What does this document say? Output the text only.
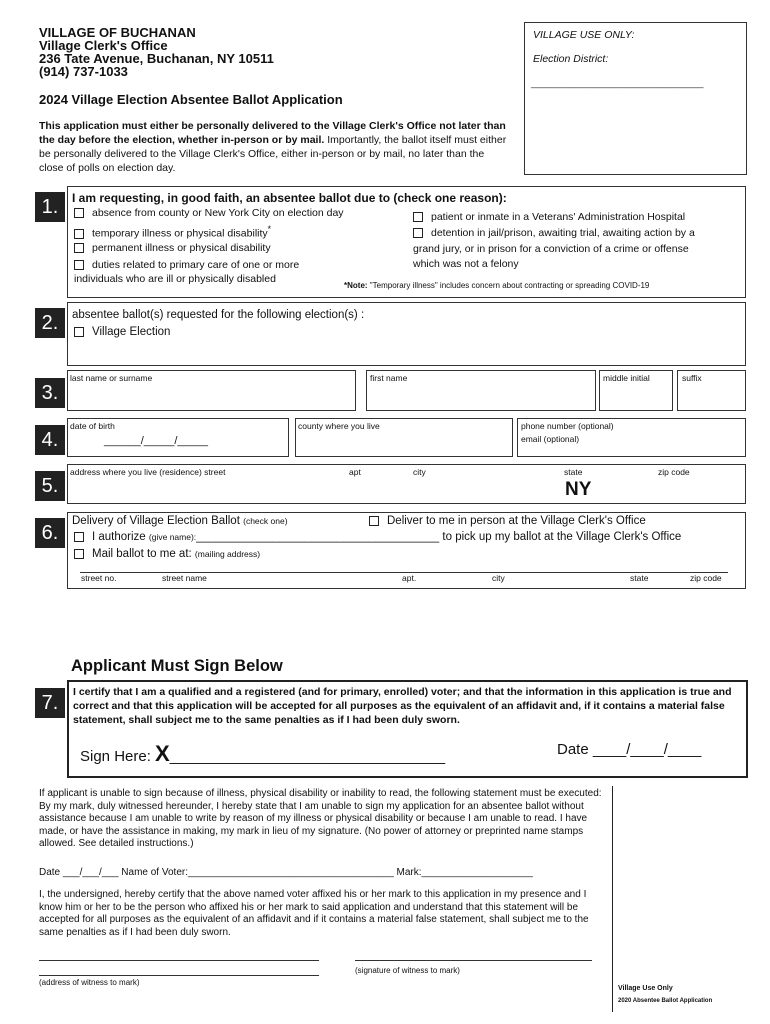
VILLAGE OF BUCHANAN
Village Clerk's Office
236 Tate Avenue, Buchanan, NY 10511
(914) 737-1033
2024 Village Election Absentee Ballot Application
This application must either be personally delivered to the Village Clerk's Office not later than the day before the election, whether in-person or by mail. Importantly, the ballot itself must either be personally delivered to the Village Clerk's Office, either in-person or by mail, no later than the close of polls on election day.
VILLAGE USE ONLY:
Election District:
_______________________________
1.	I am requesting, in good faith, an absentee ballot due to (check one reason):
absence from county or New York City on election day
temporary illness or physical disability*
permanent illness or physical disability
duties related to primary care of one or more
individuals who are ill or physically disabled
patient or inmate in a Veterans' Administration Hospital
detention in jail/prison, awaiting trial, awaiting action by a
grand jury, or in prison for a conviction of a crime or offense
which was not a felony
*Note: "Temporary illness" includes concern about contracting or spreading COVID-19
2.	absentee ballot(s) requested for the following election(s) :
Village Election
3.
last name or surname	first name	middle initial	suffix
4.
date of birth
______/_____/_____
county where you live	phone number (optional)
email (optional)
5.
address where you live (residence) street	apt	city	state	zip code
NY
6.
Delivery of Village Election Ballot (check one)	Deliver to me in person at the Village Clerk's Office
I authorize (give name):______________________________________ to pick up my ballot at the Village Clerk's Office
Mail ballot to me at: (mailing address)
street no.	street name	apt.	city	state	zip code
Applicant Must Sign Below
7.	I certify that I am a qualified and a registered (and for primary, enrolled) voter; and that the information in this application is true and correct and that this application will be accepted for all purposes as the equivalent of an affidavit and, if it contains a material false statement, shall subject me to the same penalties as if I had been duly sworn.
Sign Here: X_________________________________	Date ____/____/____
If applicant is unable to sign because of illness, physical disability or inability to read, the following statement must be executed: By my mark, duly witnessed hereunder, I hereby state that I am unable to sign my application for an absentee ballot without assistance because I am unable to write by reason of my illness or physical disability or because I am unable to read. I have made, or have the assistance in making, my mark in lieu of my signature. (No power of attorney or preprinted name stamps allowed. See detailed instructions.)
Date ___/___/___ Name of Voter:_____________________________________ Mark:____________________
I, the undersigned, hereby certify that the above named voter affixed his or her mark to this application in my presence and I know him or her to be the person who affixed his or her mark to said application and understand that this statement will be accepted for all purposes as the equivalent of an affidavit and if it contains a material false statement, shall subject me to the same penalties as if I had been duly sworn.
(address of witness to mark)
(signature of witness to mark)
Village Use Only
2020 Absentee Ballot Application
